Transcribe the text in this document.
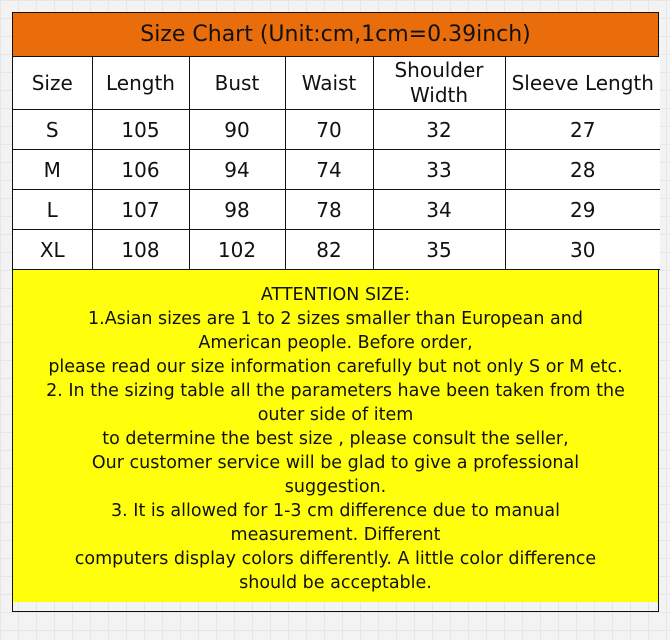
Size Chart (Unit:cm,1cm=0.39inch)
Size	Length	Bust	Waist	Shoulder Width	Sleeve Length
S	105	90	70	32	27
M	106	94	74	33	28
L	107	98	78	34	29
XL	108	102	82	35	30
ATTENTION SIZE:
1.Asian sizes are 1 to 2 sizes smaller than European and
American people. Before order,
please read our size information carefully but not only S or M etc.
2. In the sizing table all the parameters have been taken from the
outer side of item
to determine the best size , please consult the seller,
Our customer service will be glad to give a professional
suggestion.
3. It is allowed for 1-3 cm difference due to manual
measurement. Different
computers display colors differently. A little color difference
should be acceptable.
